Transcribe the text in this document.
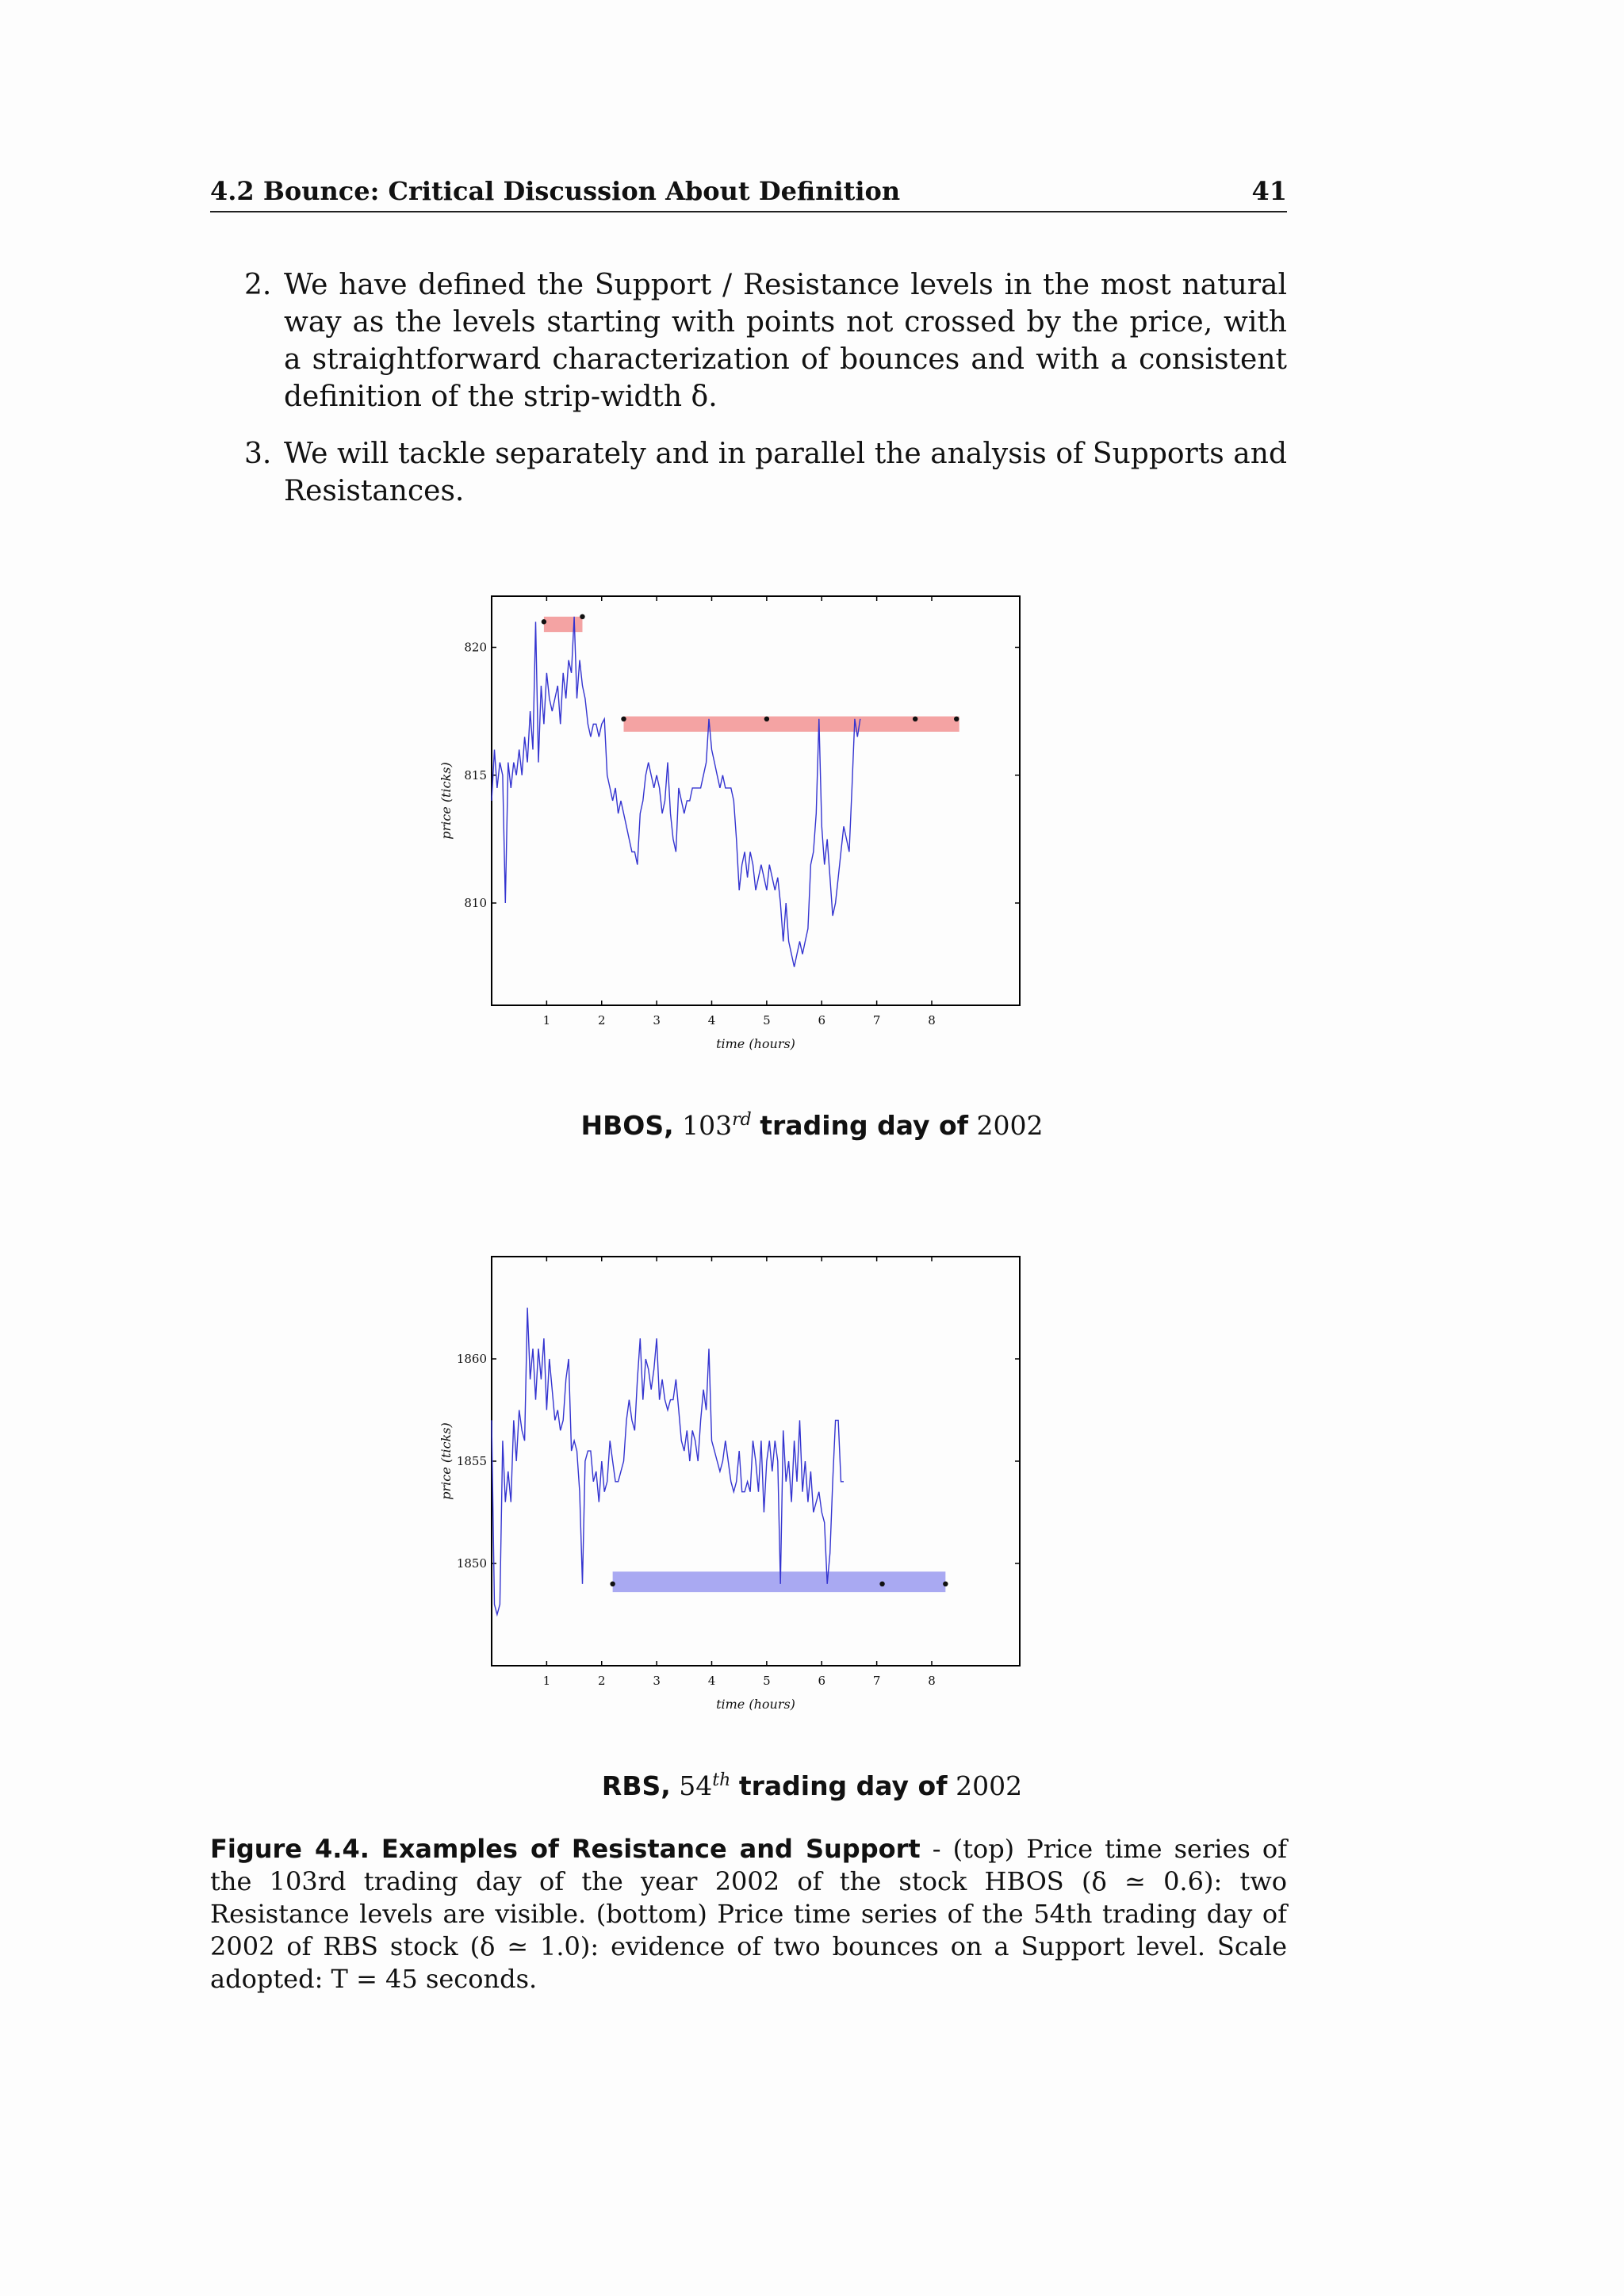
4.2 Bounce: Critical Discussion About Definition	41
2. We have defined the Support / Resistance levels in the most natural way as the levels starting with points not crossed by the price, with a straightforward characterization of bounces and with a consistent definition of the strip-width δ.
3. We will tackle separately and in parallel the analysis of Supports and Resistances.
1	2	3	4	5	6	7	8
810
815
820
time (hours)
price (ticks)
HBOS, 103rd trading day of 2002
1	2	3	4	5	6	7	8
1850
1855
1860
time (hours)
price (ticks)
RBS, 54th trading day of 2002
Figure 4.4. Examples of Resistance and Support - (top) Price time series of the 103rd trading day of the year 2002 of the stock HBOS (δ ≃ 0.6): two Resistance levels are visible. (bottom) Price time series of the 54th trading day of 2002 of RBS stock (δ ≃ 1.0): evidence of two bounces on a Support level. Scale adopted: T = 45 seconds.
